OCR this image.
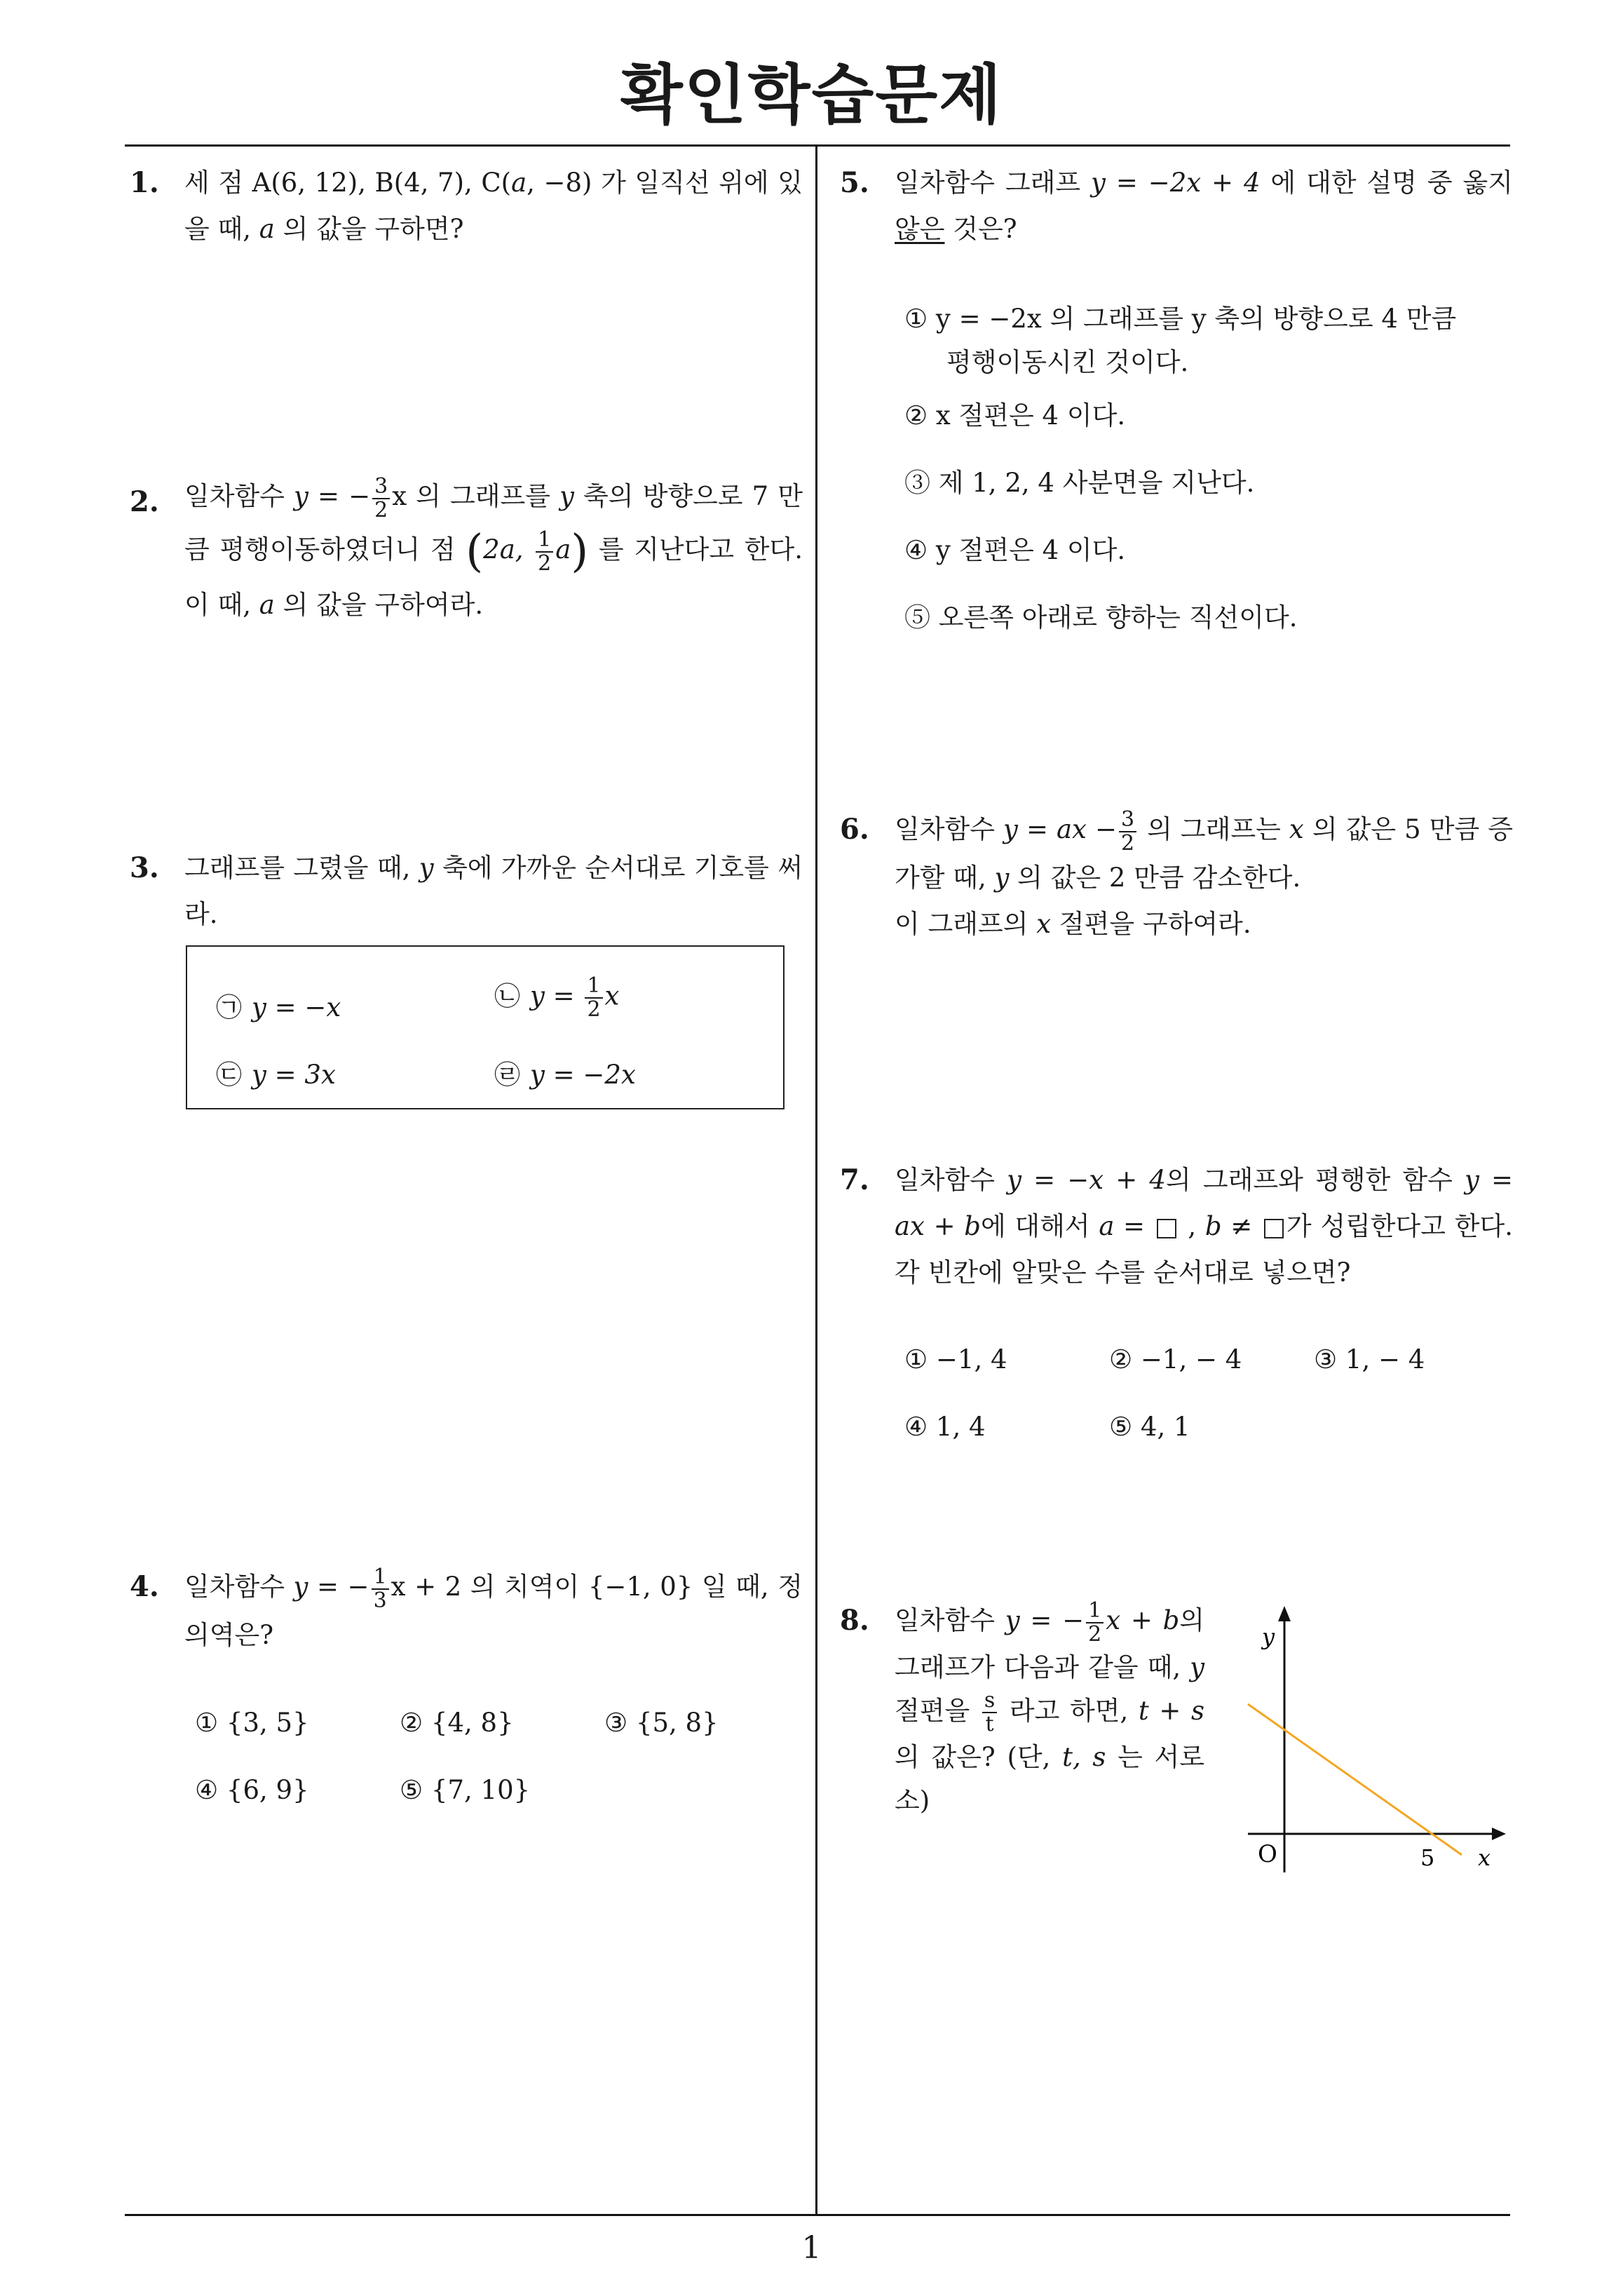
확인학습문제
1
1. 세 점 A(6, 12), B(4, 7), C(a, −8) 가 일직선 위에 있을 때, a 의 값을 구하면?
2. 일차함수 y = − $\frac{3}{2}$ x 의 그래프를 y 축의 방향으로 7 만큼 평행이동하였더니 점 (2a, $\frac{1}{2} a$) 를 지난다고 한다. 이 때, a 의 값을 구하여라.
3. 그래프를 그렸을 때, y 축에 가까운 순서대로 기호를 써라.
㉠ y = −x	㉡ $y = \frac{1}{2}$ x
㉢ y = 3x	㉣ y = −2x
4. 일차함수 y = − $\frac{1}{3}$ x + 2 의 치역이 {−1, 0} 일 때, 정의역은?
① {3, 5}	② {4, 8}	③ {5, 8}
④ {6, 9}	⑤ {7, 10}
5. 일차함수 그래프 y = −2x + 4 에 대한 설명 중 옳지 않은 것은?
① y = −2x 의 그래프를 y 축의 방향으로 4 만큼
평행이동시킨 것이다.
② x 절편은 4 이다.
③ 제 1, 2, 4 사분면을 지난다.
④ y 절편은 4 이다.
⑤ 오른쪽 아래로 향하는 직선이다.
6. 일차함수 y = ax − $\frac{3}{2}$ 의 그래프는 x 의 값은 5 만큼 증가할 때, y 의 값은 2 만큼 감소한다.
이 그래프의 x 절편을 구하여라.
7. 일차함수 y = −x + 4의 그래프와 평행한 함수 y = ax + b에 대해서 a =  , b ≠ 가 성립한다고 한다. 각 빈칸에 알맞은 수를 순서대로 넣으면?
① −1, 4	② −1, − 4	③ 1, − 4
④ 1, 4	⑤ 4, 1
8. 일차함수 y = − $\frac{1}{2}$ x + b의 그래프가 다음과 같을 때, y 절편을 $\frac{s}{t}$ 라고 하면, t + s 의 값은? (단, t, s 는 서로소)
y
x
O	5
